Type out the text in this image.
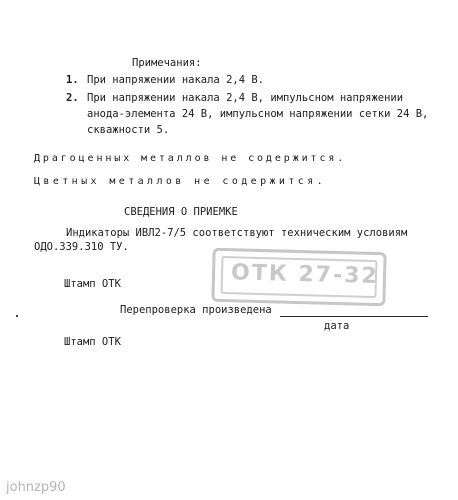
Примечания:
1. При напряжении накала 2,4 В.
2. При напряжении накала 2,4 В, импульсном напряжении
анода-элемента 24 В, импульсном напряжении сетки 24 В,
скважности 5.
Драгоценных металлов не содержится.
Цветных металлов не содержится.
СВЕДЕНИЯ О ПРИЕМКЕ
Индикаторы ИВЛ2-7/5 соответствуют техническим условиям
ОДО.339.310 ТУ.
ОТК 27-32
Штамп ОТК
Перепроверка произведена
дата
Штамп ОТК
johnzp90
